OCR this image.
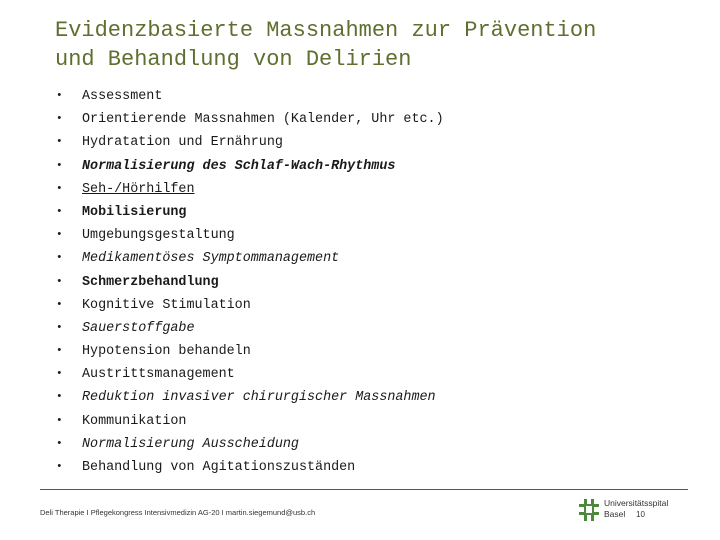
Evidenzbasierte Massnahmen zur Prävention
und Behandlung von Delirien
•	Assessment
•	Orientierende Massnahmen (Kalender, Uhr etc.)
•	Hydratation und Ernährung
•	Normalisierung des Schlaf-Wach-Rhythmus
•	Seh-/Hörhilfen
•	Mobilisierung
•	Umgebungsgestaltung
•	Medikamentöses Symptommanagement
•	Schmerzbehandlung
•	Kognitive Stimulation
•	Sauerstoffgabe
•	Hypotension behandeln
•	Austrittsmanagement
•	Reduktion invasiver chirurgischer Massnahmen
•	Kommunikation
•	Normalisierung Ausscheidung
•	Behandlung von Agitationszuständen
Deli Therapie I Pflegekongress Intensivmedizin AG-20 I martin.siegemund@usb.ch
Universitätsspital
Basel	10
